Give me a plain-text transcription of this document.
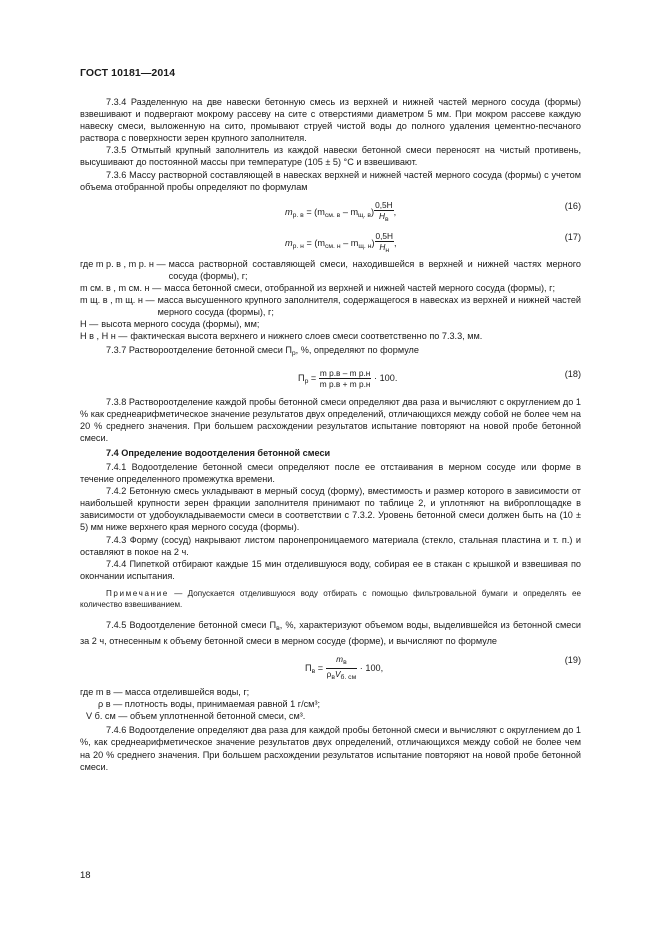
ГОСТ 10181—2014

7.3.4 Разделенную на две навески бетонную смесь из верхней и нижней частей мерного сосуда (формы) взвешивают и подвергают мокрому рассеву на сите с отверстиями диаметром 5 мм. При мокром рассеве каждую навеску смеси, выложенную на сито, промывают струей чистой воды до полного удаления цементно-песчаного раствора с поверхности зерен крупного заполнителя.

7.3.5 Отмытый крупный заполнитель из каждой навески бетонной смеси переносят на чистый противень, высушивают до постоянной массы при температуре (105 ± 5) °С и взвешивают.

7.3.6 Массу растворной составляющей в навесках верхней и нижней частей мерного сосуда (формы) с учетом объема отобранной пробы определяют по формулам

$m_{р. в} = (m_{см. в} - m_{щ. в}) \frac{0,5H}{H_в}$ ,
(16)
$m_{р. н} = (m_{см. н} - m_{щ. н}) \frac{0,5H}{H_н}$ ,
(17)
где m р. в , m р. н — масса растворной составляющей смеси, находившейся в верхней и нижней частях мерного сосуда (формы), г;
m см. в , m см. н — масса бетонной смеси, отобранной из верхней и нижней частей мерного сосуда (формы), г;
m щ. в , m щ. н — масса высушенного крупного заполнителя, содержащегося в навесках из верхней и нижней частей мерного сосуда (формы), г;
H — высота мерного сосуда (формы), мм;
H в , H н — фактическая высота верхнего и нижнего слоев смеси соответственно по 7.3.3, мм.

7.3.7 Раствороотделение бетонной смеси $П_р$, %, определяют по формуле

$П_р = \frac{\text{m р.в – m р.н}}{\text{m р.в + m р.н}} \cdot 100$.	(18)

7.3.8 Раствороотделение каждой пробы бетонной смеси определяют два раза и вычисляют с округлением до 1 % как среднеарифметическое значение результатов двух определений, отличающихся между собой не более чем на 20 % среднего значения. При большем расхождении результатов испытание повторяют на новой пробе бетонной смеси.

7.4 Определение водоотделения бетонной смеси

7.4.1 Водоотделение бетонной смеси определяют после ее отстаивания в мерном сосуде или форме в течение определенного промежутка времени.

7.4.2 Бетонную смесь укладывают в мерный сосуд (форму), вместимость и размер которого в зависимости от наибольшей крупности зерен фракции заполнителя принимают по таблице 2, и уплотняют на виброплощадке в зависимости от удобоукладываемости смеси в соответствии с 7.3.2. Уровень бетонной смеси должен быть на (10 ± 5) мм ниже верхнего края мерного сосуда (формы).

7.4.3 Форму (сосуд) накрывают листом паронепроницаемого материала (стекло, стальная пластина и т. п.) и оставляют в покое на 2 ч.

7.4.4 Пипеткой отбирают каждые 15 мин отделившуюся воду, собирая ее в стакан с крышкой и взвешивая по окончании испытания.

Примечание — Допускается отделившуюся воду отбирать с помощью фильтровальной бумаги и определять ее количество взвешиванием.

7.4.5 Водоотделение бетонной смеси $П_в$, %, характеризуют объемом воды, выделившейся из бетонной смеси за 2 ч, отнесенным к объему бетонной смеси в мерном сосуде (форме), и вычисляют по формуле

$П_в = \frac{m_в}{\rho_вV_{б. см}} \cdot 100$,
(19)

где m в — масса отделившейся воды, г;

ρ в — плотность воды, принимаемая равной 1 г/см³;

V б. см — объем уплотненной бетонной смеси, см³.

7.4.6 Водоотделение определяют два раза для каждой пробы бетонной смеси и вычисляют с округлением до 1 %, как среднеарифметическое значение результатов двух определений, отличающихся между собой не более чем на 20 % среднего значения. При большем расхождении результатов испытание повторяют на новой пробе бетонной смеси.

18
